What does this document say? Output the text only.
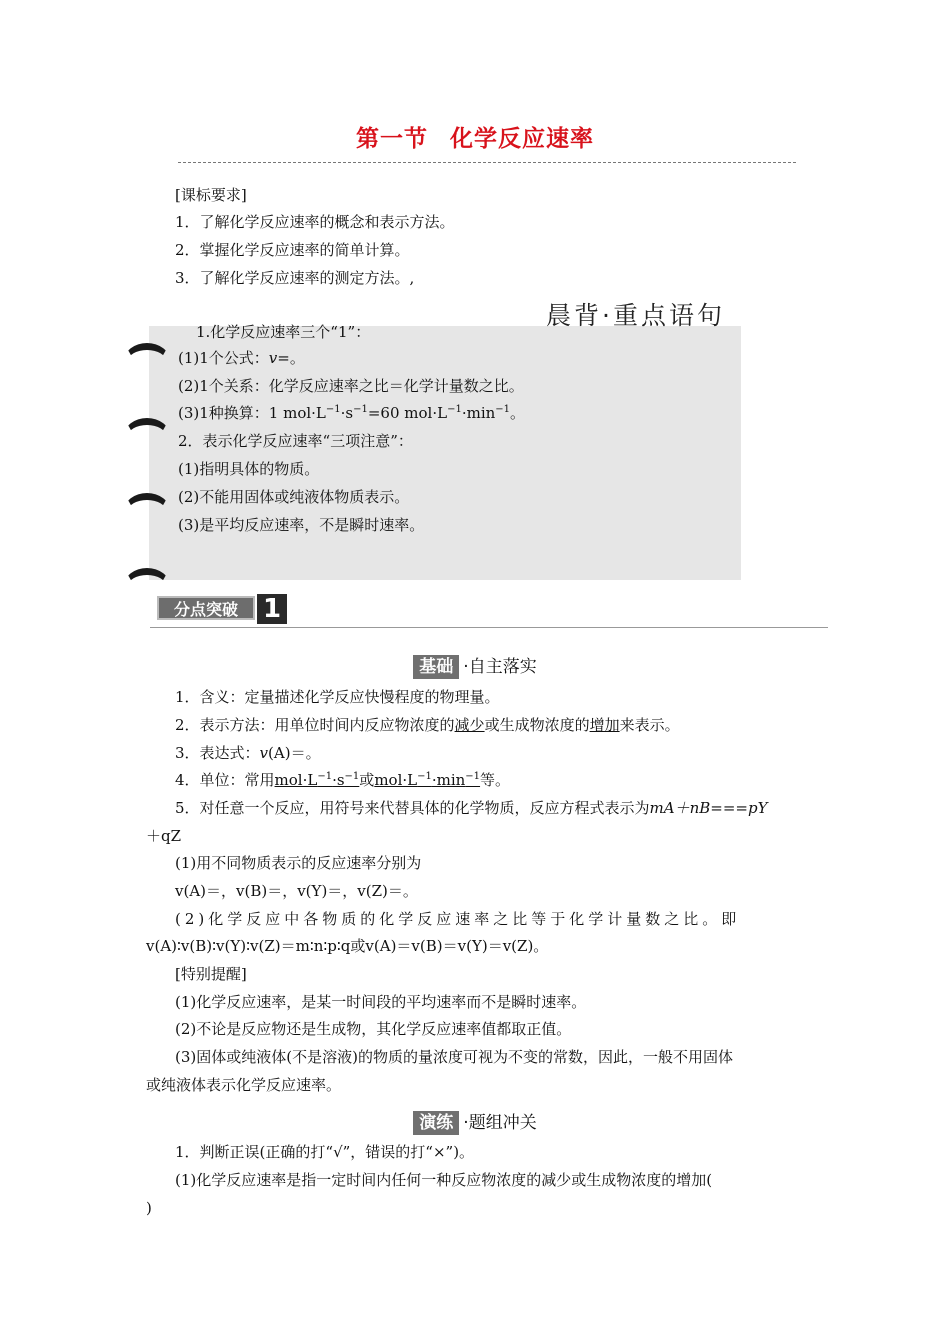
第一节 化学反应速率
[课标要求]
1．了解化学反应速率的概念和表示方法。
2．掌握化学反应速率的简单计算。
3．了解化学反应速率的测定方法。,
晨背·重点语句
1.化学反应速率三个“1”：
(1)1个公式：v=。
(2)1个关系：化学反应速率之比＝化学计量数之比。
(3)1种换算：1 $mol\cdot L^{-1}\cdot s^{-1}=60$ $mol\cdot L^{-1}\cdot\min^{-1}$。
2．表示化学反应速率“三项注意”：
(1)指明具体的物质。
(2)不能用固体或纯液体物质表示。
(3)是平均反应速率，不是瞬时速率。
分点突破 1
基础 ·自主落实
1．含义：定量描述化学反应快慢程度的物理量。
2．表示方法：用单位时间内反应物浓度的减少或生成物浓度的增加来表示。
3．表达式：v(A)＝。
4．单位：常用$mol\cdot L^{-1}\cdot s^{-1}$或$mol\cdot L^{-1}\cdot\min^{-1}$等。
5．对任意一个反应，用符号来代替具体的化学物质，反应方程式表示为mA＋nB===pY
＋qZ
(1)用不同物质表示的反应速率分别为
v(A)＝，v(B)＝，v(Y)＝，v(Z)＝。
(2)化学反应中各物质的化学反应速率之比等于化学计量数之比。即
v(A)∶v(B)∶v(Y)∶v(Z)＝m∶n∶p∶q或v(A)＝v(B)＝v(Y)＝v(Z)。
[特别提醒]
(1)化学反应速率，是某一时间段的平均速率而不是瞬时速率。
(2)不论是反应物还是生成物，其化学反应速率值都取正值。
(3)固体或纯液体(不是溶液)的物质的量浓度可视为不变的常数，因此，一般不用固体
或纯液体表示化学反应速率。
演练 ·题组冲关
1．判断正误(正确的打“√”，错误的打“×”)。
(1)化学反应速率是指一定时间内任何一种反应物浓度的减少或生成物浓度的增加(
)
